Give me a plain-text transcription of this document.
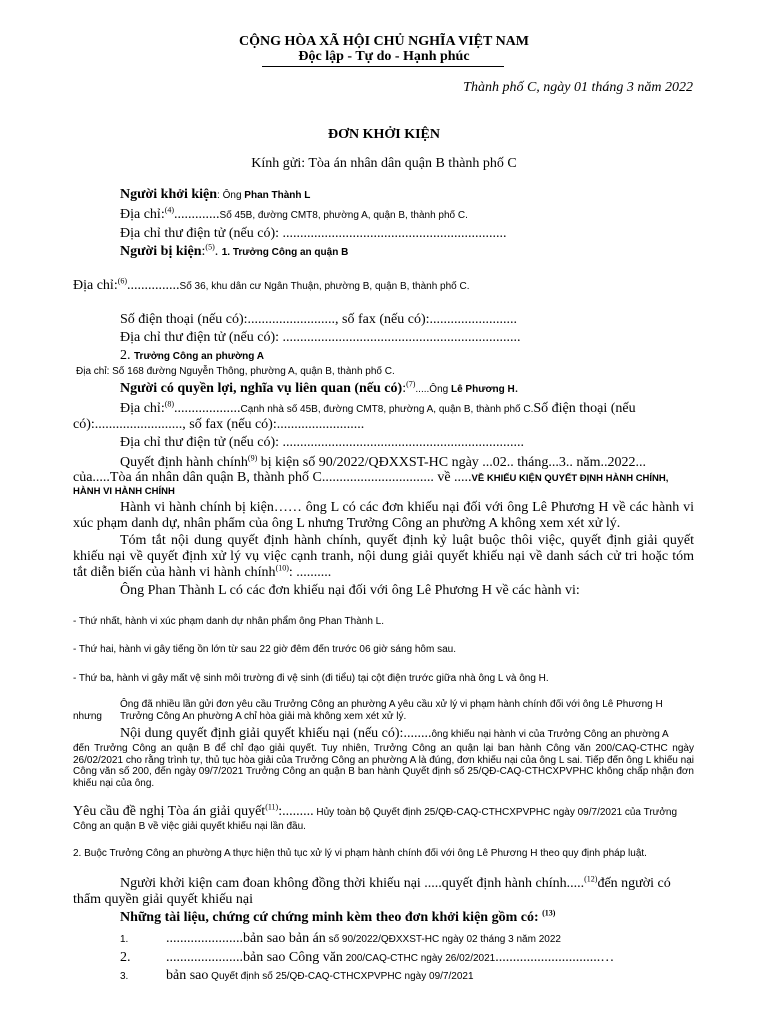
CỘNG HÒA XÃ HỘI CHỦ NGHĨA VIỆT NAM
Độc lập - Tự do - Hạnh phúc
Thành phố C, ngày 01 tháng 3 năm 2022
ĐƠN KHỞI KIỆN
Kính gửi: Tòa án nhân dân quận B thành phố C
Người khởi kiện: Ông Phan Thành L
Địa chỉ:$^{(4)}$.............Số 45B, đường CMT8, phường A, quận B, thành phố C.
Địa chỉ thư điện tử (nếu có): ................................................................
Người bị kiện:$^{(5)}$. 1. Trưởng Công an quận B
Địa chỉ:$^{(6)}$...............Số 36, khu dân cư Ngân Thuận, phường B, quận B, thành phố C.
Số điện thoại (nếu có):........................., số fax (nếu có):.........................
Địa chỉ thư điện tử (nếu có): ....................................................................
2. Trưởng Công an phường A
Địa chỉ: Số 168 đường Nguyễn Thông, phường A, quận B, thành phố C.
Người có quyền lợi, nghĩa vụ liên quan (nếu có):$^{(7)}$.....Ông Lê Phương H.
Địa chỉ:$^{(8)}$...................Cạnh nhà số 45B, đường CMT8, phường A, quận B, thành phố C.Số điện thoại (nếu
có):........................., số fax (nếu có):.........................
Địa chỉ thư điện tử (nếu có): .....................................................................
Quyết định hành chính$^{(9)}$ bị kiện số 90/2022/QĐXXST-HC ngày ...02.. tháng...3.. năm..2022...
của.....Tòa án nhân dân quận B, thành phố C................................ về .....VỀ KHIẾU KIỆN QUYẾT ĐỊNH HÀNH CHÍNH,
HÀNH VI HÀNH CHÍNH
Hành vi hành chính bị kiện…… ông L có các đơn khiếu nại đối với ông Lê Phương H về các hành vi xúc phạm danh dự, nhân phẩm của ông L nhưng Trưởng Công an phường A không xem xét xử lý.
Tóm tắt nội dung quyết định hành chính, quyết định kỷ luật buộc thôi việc, quyết định giải quyết khiếu nại về quyết định xử lý vụ việc cạnh tranh, nội dung giải quyết khiếu nại về danh sách cử tri hoặc tóm tắt diễn biến của hành vi hành chính$^{(10)}$: ..........
Ông Phan Thành L có các đơn khiếu nại đối với ông Lê Phương H về các hành vi:
- Thứ nhất, hành vi xúc phạm danh dự nhân phẩm ông Phan Thành L.
- Thứ hai, hành vi gây tiếng ồn lớn từ sau 22 giờ đêm đến trước 06 giờ sáng hôm sau.
- Thứ ba, hành vi gây mất vệ sinh môi trường đi vệ sinh (đi tiểu) tại cột điện trước giữa nhà ông L và ông H.
Ông đã nhiều lần gửi đơn yêu cầu Trưởng Công an phường A yêu cầu xử lý vi phạm hành chính đối với ông Lê Phương H
nhưng Trưởng Công An phường A chỉ hòa giải mà không xem xét xử lý.
Nội dung quyết định giải quyết khiếu nại (nếu có):........ông khiếu nại hành vi của Trưởng Công an phường A
đến Trưởng Công an quận B để chỉ đạo giải quyết. Tuy nhiên, Trưởng Công an quận lại ban hành Công văn 200/CAQ-CTHC ngày 26/02/2021 cho rằng trình tự, thủ tục hòa giải của Trưởng Công an phường A là đúng, đơn khiếu nại của ông L sai. Tiếp đến ông L khiếu nại Công văn số 200, đến ngày 09/7/2021 Trưởng Công an quận B ban hành Quyết định số 25/QĐ-CAQ-CTHCXPVPHC không chấp nhận đơn khiếu nại của ông.
Yêu cầu đề nghị Tòa án giải quyết$^{(11)}$:......... Hủy toàn bộ Quyết định 25/QĐ-CAQ-CTHCXPVPHC ngày 09/7/2021 của Trưởng
Công an quận B về việc giải quyết khiếu nại lần đầu.
2. Buộc Trưởng Công an phường A thực hiện thủ tục xử lý vi phạm hành chính đối với ông Lê Phương H theo quy định pháp luật.
Người khởi kiện cam đoan không đồng thời khiếu nại .....quyết định hành chính.....$^{(12)}$đến người có
thẩm quyền giải quyết khiếu nại
Những tài liệu, chứng cứ chứng minh kèm theo đơn khởi kiện gồm có: $^{(13)}$
1.	......................bản sao bản án số 90/2022/QĐXXST-HC ngày 02 tháng 3 năm 2022
2.	......................bản sao Công văn 200/CAQ-CTHC ngày 26/02/2021..............................…
3.	bản sao Quyết định số 25/QĐ-CAQ-CTHCXPVPHC ngày 09/7/2021
